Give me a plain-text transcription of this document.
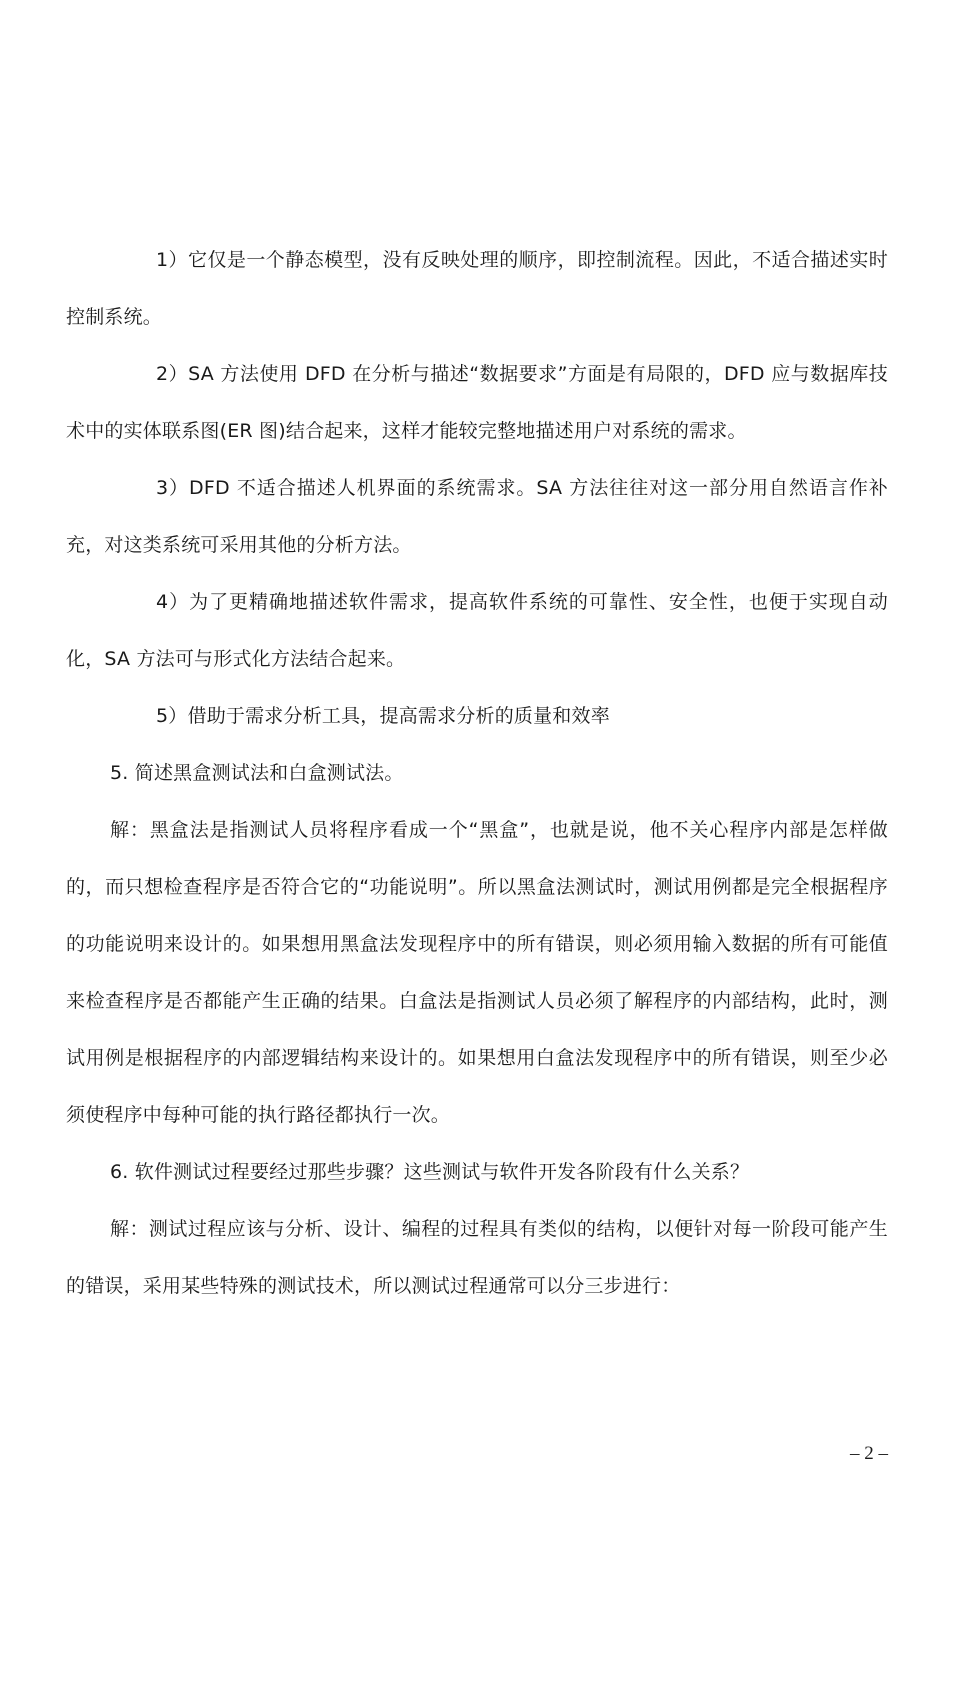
1）它仅是一个静态模型，没有反映处理的顺序，即控制流程。因此，不适合描述实时控制系统。

2）SA 方法使用 DFD 在分析与描述“数据要求”方面是有局限的，DFD 应与数据库技术中的实体联系图(ER 图)结合起来，这样才能较完整地描述用户对系统的需求。

3）DFD 不适合描述人机界面的系统需求。SA 方法往往对这一部分用自然语言作补充，对这类系统可采用其他的分析方法。

4）为了更精确地描述软件需求，提高软件系统的可靠性、安全性，也便于实现自动化，SA 方法可与形式化方法结合起来。

5）借助于需求分析工具，提高需求分析的质量和效率

5. 简述黑盒测试法和白盒测试法。

解：黑盒法是指测试人员将程序看成一个“黑盒”，也就是说，他不关心程序内部是怎样做的，而只想检查程序是否符合它的“功能说明”。所以黑盒法测试时，测试用例都是完全根据程序的功能说明来设计的。如果想用黑盒法发现程序中的所有错误，则必须用输入数据的所有可能值来检查程序是否都能产生正确的结果。白盒法是指测试人员必须了解程序的内部结构，此时，测试用例是根据程序的内部逻辑结构来设计的。如果想用白盒法发现程序中的所有错误，则至少必须使程序中每种可能的执行路径都执行一次。

6. 软件测试过程要经过那些步骤？这些测试与软件开发各阶段有什么关系？

解：测试过程应该与分析、设计、编程的过程具有类似的结构，以便针对每一阶段可能产生的错误，采用某些特殊的测试技术，所以测试过程通常可以分三步进行：

– 2 –
